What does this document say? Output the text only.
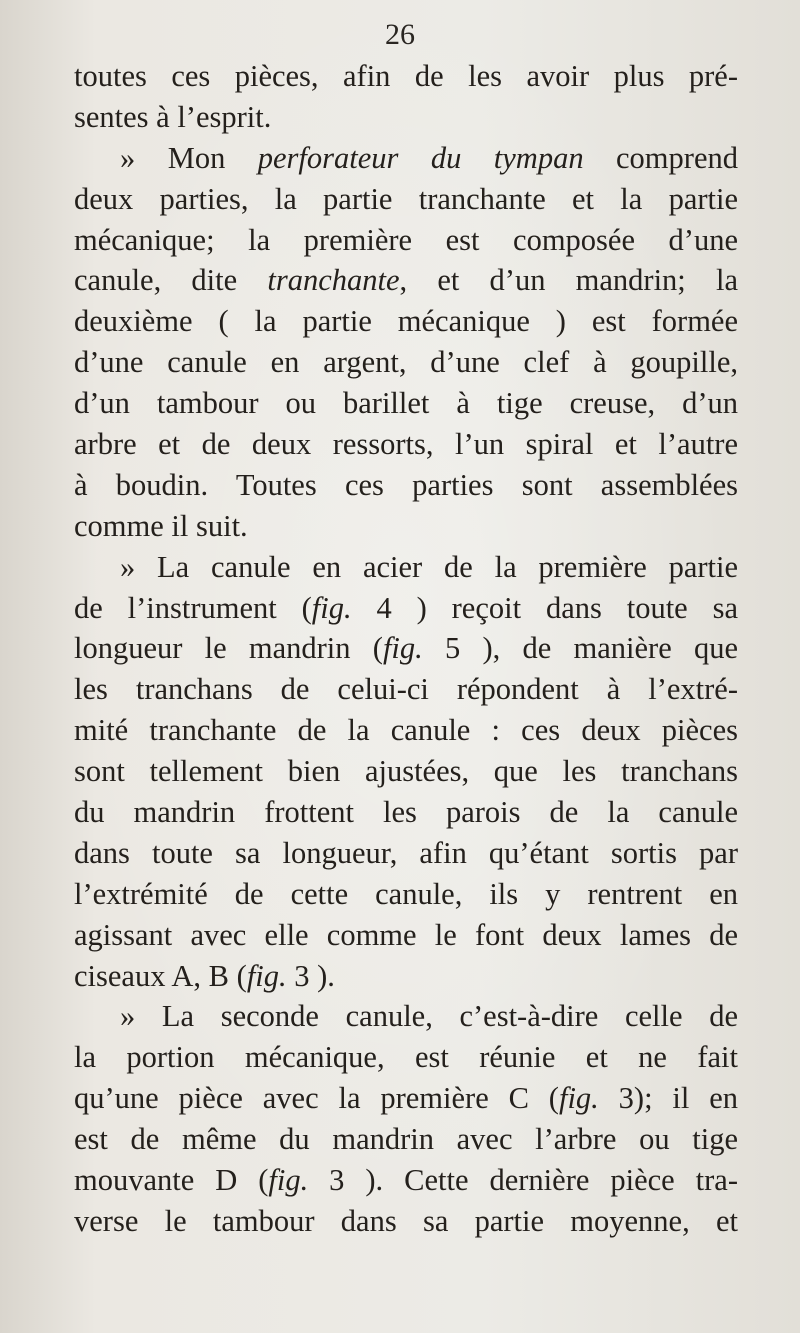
26
toutes ces pièces, afin de les avoir plus pré-
sentes à l’esprit.
» Mon perforateur du tympan comprend
deux parties, la partie tranchante et la partie
mécanique; la première est composée d’une
canule, dite tranchante, et d’un mandrin; la
deuxième ( la partie mécanique ) est formée
d’une canule en argent, d’une clef à goupille,
d’un tambour ou barillet à tige creuse, d’un
arbre et de deux ressorts, l’un spiral et l’autre
à boudin. Toutes ces parties sont assemblées
comme il suit.
» La canule en acier de la première partie
de l’instrument (fig. 4 ) reçoit dans toute sa
longueur le mandrin (fig. 5 ), de manière que
les tranchans de celui-ci répondent à l’extré-
mité tranchante de la canule : ces deux pièces
sont tellement bien ajustées, que les tranchans
du mandrin frottent les parois de la canule
dans toute sa longueur, afin qu’étant sortis par
l’extrémité de cette canule, ils y rentrent en
agissant avec elle comme le font deux lames de
ciseaux A, B (fig. 3 ).
» La seconde canule, c’est-à-dire celle de
la portion mécanique, est réunie et ne fait
qu’une pièce avec la première C (fig. 3); il en
est de même du mandrin avec l’arbre ou tige
mouvante D (fig. 3 ). Cette dernière pièce tra-
verse le tambour dans sa partie moyenne, et
